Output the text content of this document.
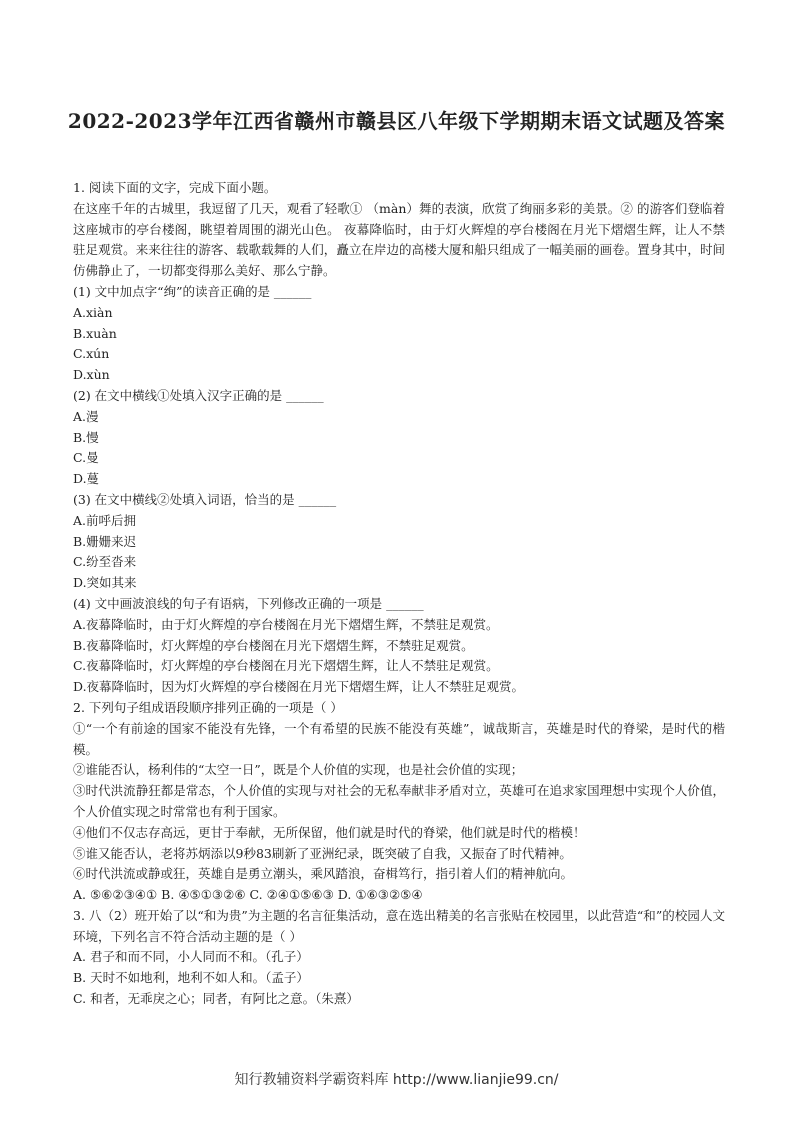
2022-2023学年江西省赣州市赣县区八年级下学期期末语文试题及答案

1. 阅读下面的文字，完成下面小题。

在这座千年的古城里，我逗留了几天，观看了轻歌① （màn）舞的表演，欣赏了绚丽多彩的美景。② 的游客们登临着这座城市的亭台楼阁，眺望着周围的湖光山色。 夜幕降临时，由于灯火辉煌的亭台楼阁在月光下熠熠生辉，让人不禁驻足观赏。来来往往的游客、载歌载舞的人们，矗立在岸边的高楼大厦和船只组成了一幅美丽的画卷。置身其中，时间仿佛静止了，一切都变得那么美好、那么宁静。

(1) 文中加点字“绚”的读音正确的是 ______

A.xiàn

B.xuàn

C.xún

D.xùn

(2) 在文中横线①处填入汉字正确的是 ______

A.漫

B.慢

C.曼

D.蔓

(3) 在文中横线②处填入词语，恰当的是 ______

A.前呼后拥

B.姗姗来迟

C.纷至沓来

D.突如其来

(4) 文中画波浪线的句子有语病，下列修改正确的一项是 ______

A.夜幕降临时，由于灯火辉煌的亭台楼阁在月光下熠熠生辉，不禁驻足观赏。

B.夜幕降临时，灯火辉煌的亭台楼阁在月光下熠熠生辉，不禁驻足观赏。

C.夜幕降临时，灯火辉煌的亭台楼阁在月光下熠熠生辉，让人不禁驻足观赏。

D.夜幕降临时，因为灯火辉煌的亭台楼阁在月光下熠熠生辉，让人不禁驻足观赏。

2. 下列句子组成语段顺序排列正确的一项是（ ）

①“一个有前途的国家不能没有先锋，一个有希望的民族不能没有英雄”，诚哉斯言，英雄是时代的脊梁，是时代的楷模。

②谁能否认，杨利伟的“太空一日”，既是个人价值的实现，也是社会价值的实现；

③时代洪流静狂都是常态，个人价值的实现与对社会的无私奉献非矛盾对立，英雄可在追求家国理想中实现个人价值，个人价值实现之时常常也有利于国家。

④他们不仅志存高远，更甘于奉献，无所保留，他们就是时代的脊梁，他们就是时代的楷模！

⑤谁又能否认，老将苏炳添以9秒83刷新了亚洲纪录，既突破了自我，又振奋了时代精神。

⑥时代洪流或静或狂，英雄自是勇立潮头，乘风踏浪，奋楫笃行，指引着人们的精神航向。

A. ⑤⑥②③④① B. ④⑤①③②⑥ C. ②④①⑤⑥③ D. ①⑥③②⑤④

3. 八（2）班开始了以“和为贵”为主题的名言征集活动，意在选出精美的名言张贴在校园里，以此营造“和”的校园人文环境，下列名言不符合活动主题的是（ ）

A. 君子和而不同，小人同而不和。（孔子）

B. 天时不如地利，地利不如人和。（孟子）

C. 和者，无乖戾之心；同者，有阿比之意。（朱熹）

知行教辅资料学霸资料库 http://www.lianjie99.cn/
